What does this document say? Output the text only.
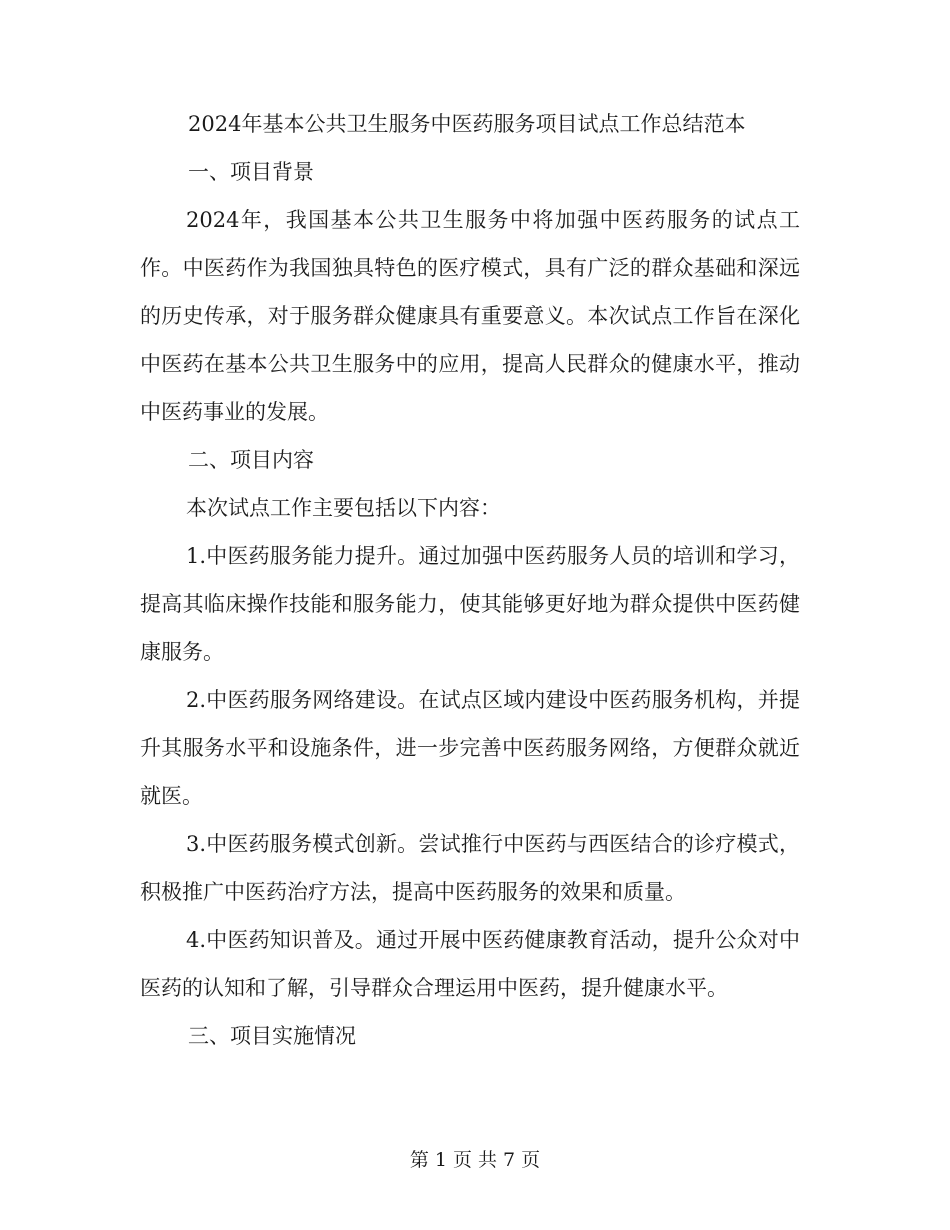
2024年基本公共卫生服务中医药服务项目试点工作总结范本
一、项目背景

2024年，我国基本公共卫生服务中将加强中医药服务的试点工作。中医药作为我国独具特色的医疗模式，具有广泛的群众基础和深远的历史传承，对于服务群众健康具有重要意义。本次试点工作旨在深化中医药在基本公共卫生服务中的应用，提高人民群众的健康水平，推动中医药事业的发展。

二、项目内容

本次试点工作主要包括以下内容：

1.中医药服务能力提升。通过加强中医药服务人员的培训和学习，提高其临床操作技能和服务能力，使其能够更好地为群众提供中医药健康服务。

2.中医药服务网络建设。在试点区域内建设中医药服务机构，并提升其服务水平和设施条件，进一步完善中医药服务网络，方便群众就近就医。

3.中医药服务模式创新。尝试推行中医药与西医结合的诊疗模式，积极推广中医药治疗方法，提高中医药服务的效果和质量。

4.中医药知识普及。通过开展中医药健康教育活动，提升公众对中医药的认知和了解，引导群众合理运用中医药，提升健康水平。

三、项目实施情况
第 1 页 共 7 页
